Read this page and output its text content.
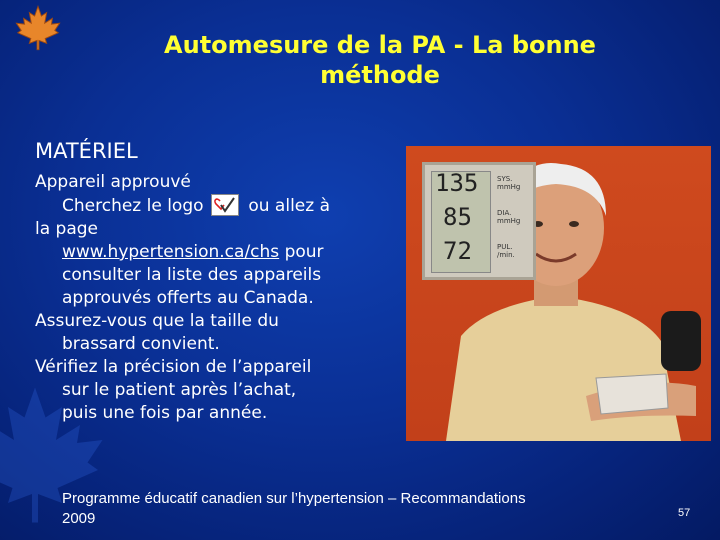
Automesure de la PA - La bonne
méthode
MATÉRIEL
Appareil approuvé
Cherchez le logo	ou allez à
la page
www.hypertension.ca/chs pour
consulter la liste des appareils
approuvés offerts au Canada.
Assurez-vous que la taille du
brassard convient.
Vérifiez la précision de l’appareil
sur le patient après l’achat,
puis une fois par année.
135
85
72
SYS.
mmHg
DIA.
mmHg
PUL.
/min.
Programme éducatif canadien sur l’hypertension – Recommandations
2009	57
